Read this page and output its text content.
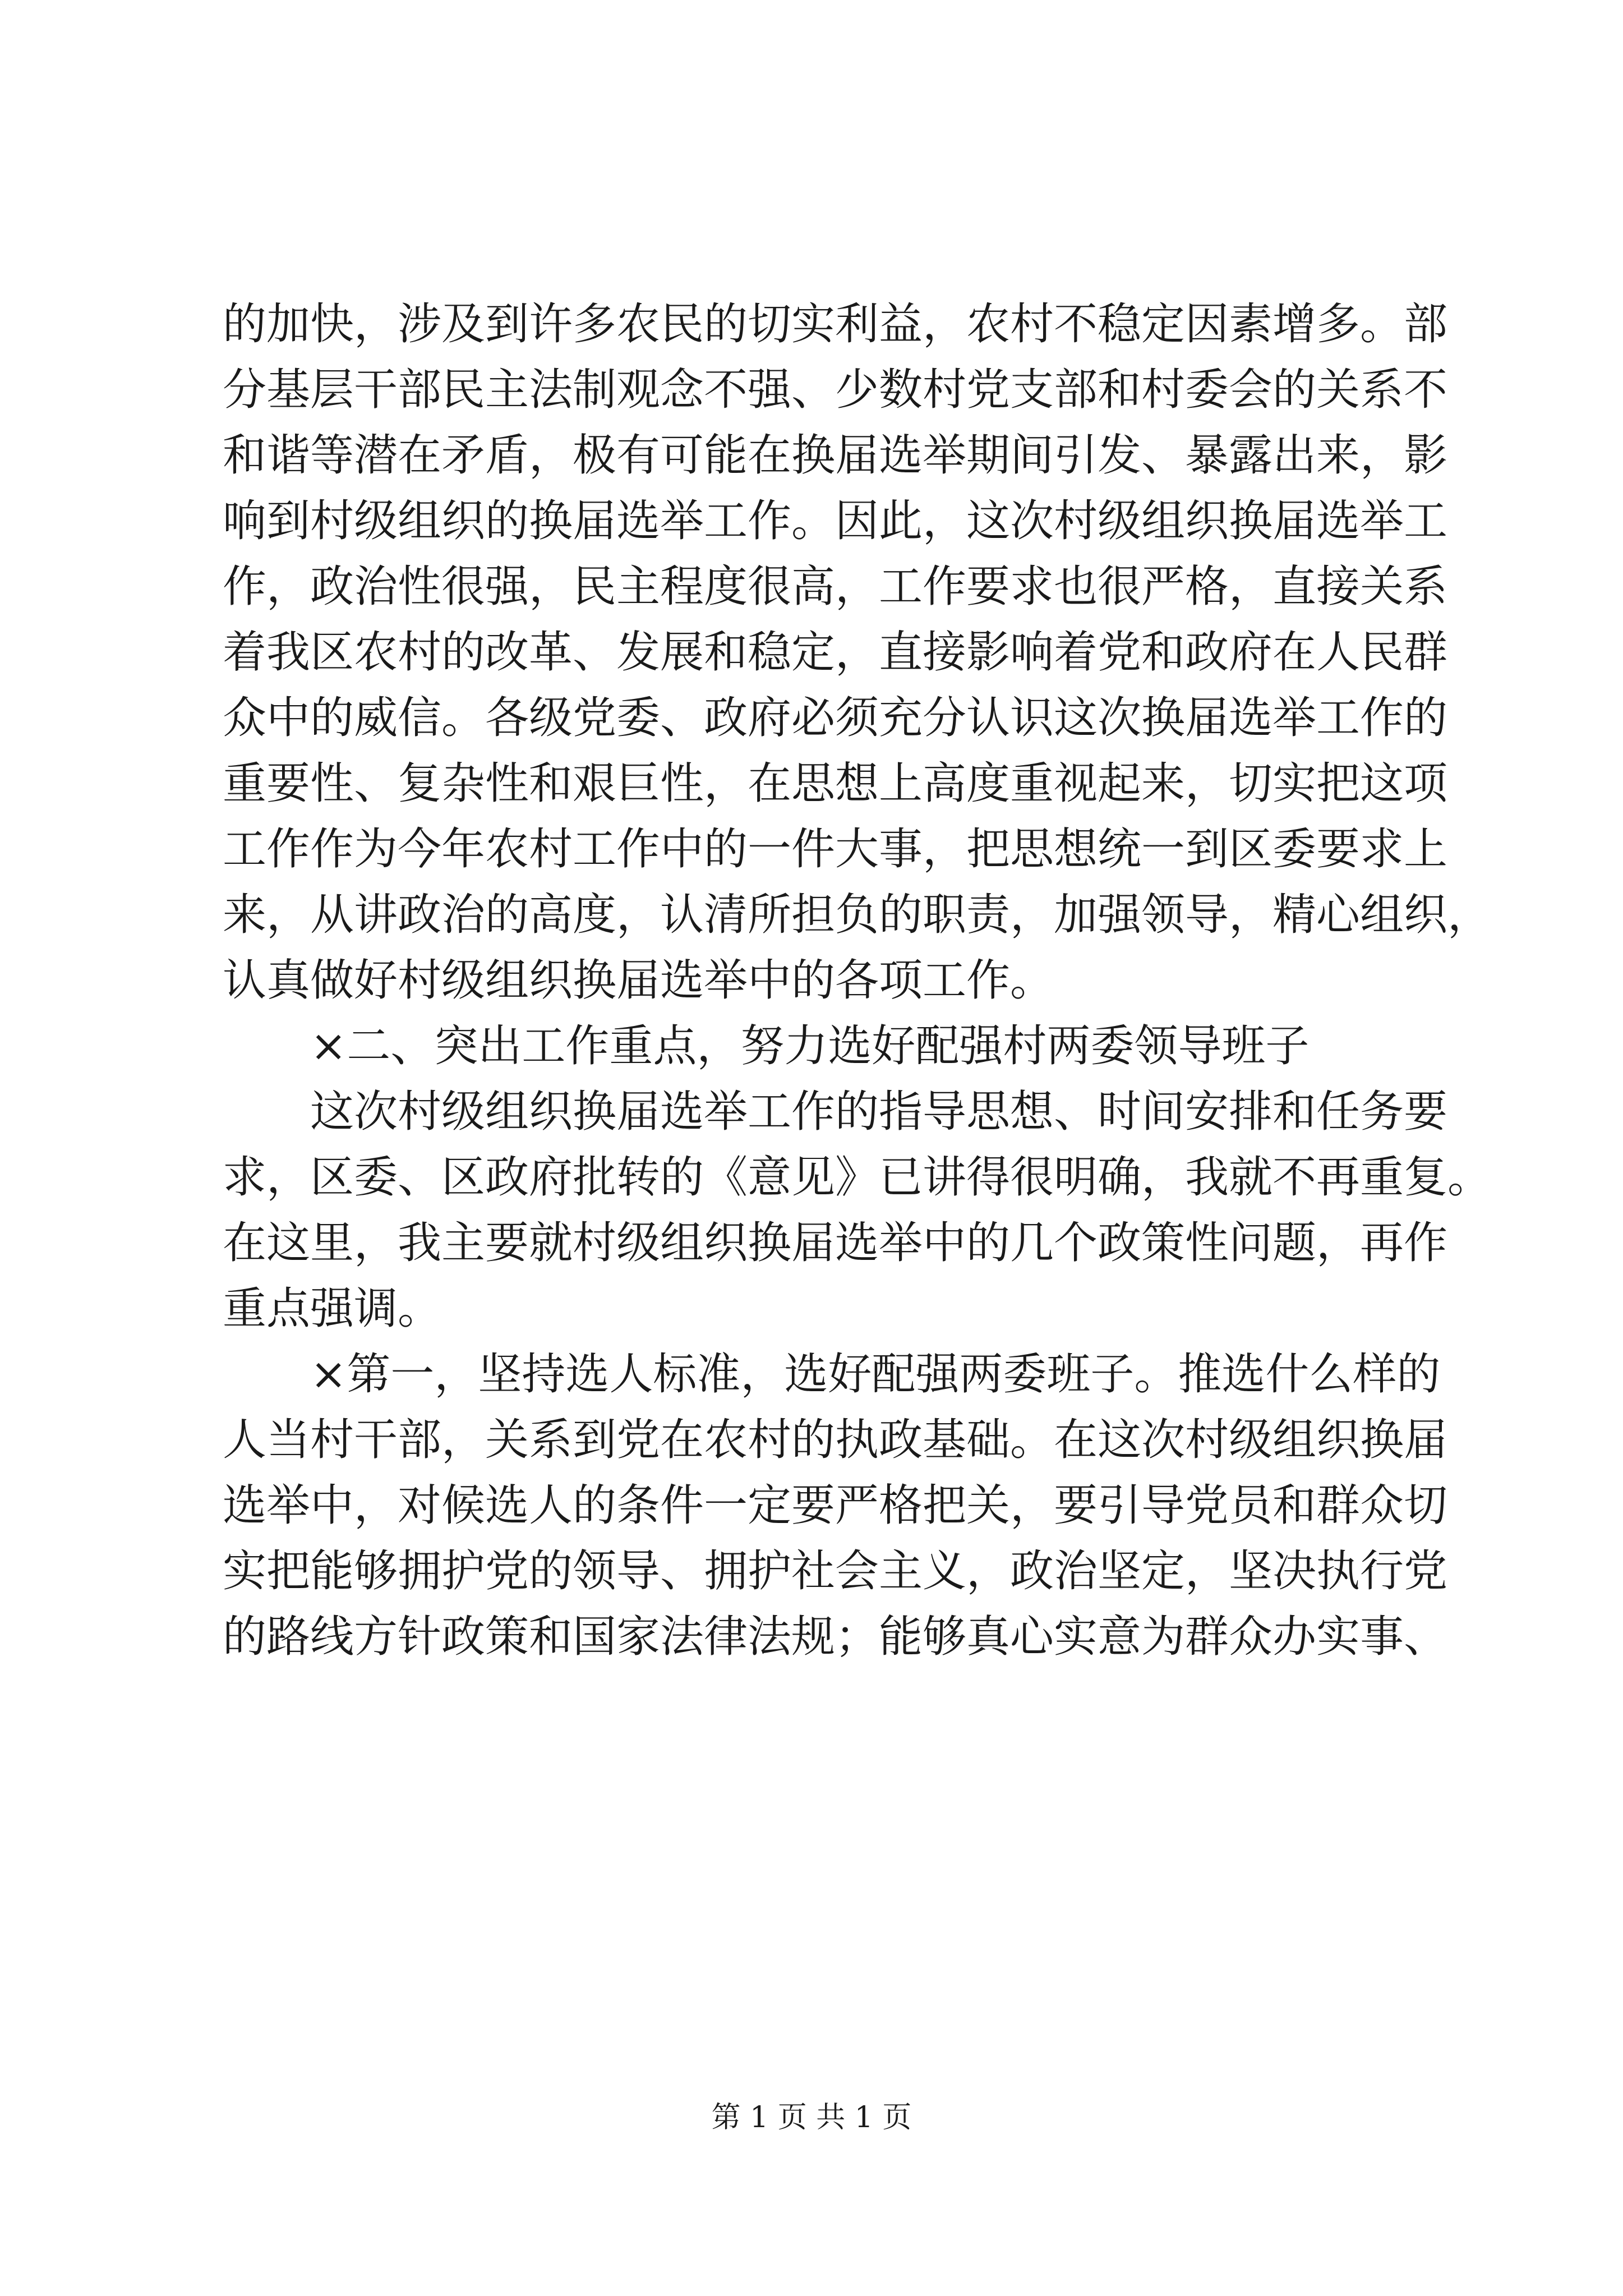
的加快，涉及到许多农民的切实利益，农村不稳定因素增多。部
分基层干部民主法制观念不强、少数村党支部和村委会的关系不
和谐等潜在矛盾，极有可能在换届选举期间引发、暴露出来，影
响到村级组织的换届选举工作。因此，这次村级组织换届选举工
作，政治性很强，民主程度很高，工作要求也很严格，直接关系
着我区农村的改革、发展和稳定，直接影响着党和政府在人民群
众中的威信。各级党委、政府必须充分认识这次换届选举工作的
重要性、复杂性和艰巨性，在思想上高度重视起来，切实把这项
工作作为今年农村工作中的一件大事，把思想统一到区委要求上
来，从讲政治的高度，认清所担负的职责，加强领导，精心组织，
认真做好村级组织换届选举中的各项工作。
×二、突出工作重点，努力选好配强村两委领导班子
这次村级组织换届选举工作的指导思想、时间安排和任务要
求，区委、区政府批转的《意见》已讲得很明确，我就不再重复。
在这里，我主要就村级组织换届选举中的几个政策性问题，再作
重点强调。
×第一，坚持选人标准，选好配强两委班子。推选什么样的
人当村干部，关系到党在农村的执政基础。在这次村级组织换届
选举中，对候选人的条件一定要严格把关，要引导党员和群众切
实把能够拥护党的领导、拥护社会主义，政治坚定，坚决执行党
的路线方针政策和国家法律法规；能够真心实意为群众办实事、
第 1 页 共 1 页
